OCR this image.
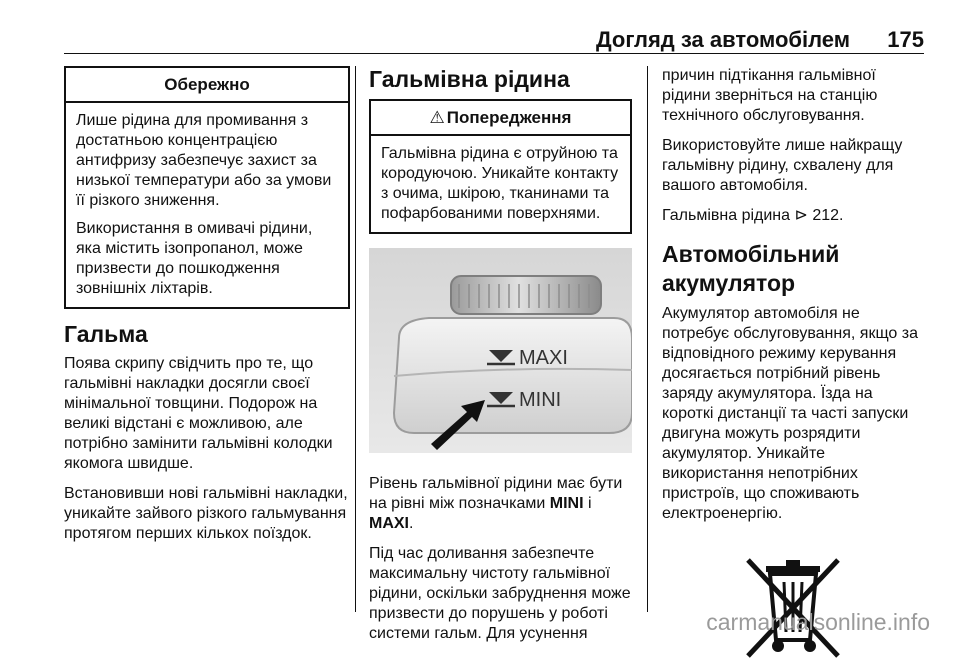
Догляд за автомобілем 175
Обережно

Лише рідина для промивання з достатньою концентрацією антифризу забезпечує захист за низької температури або за умови її різкого зниження.

Використання в омивачі рідини, яка містить ізопропанол, може призвести до пошкодження зовнішніх ліхтарів.

Гальма

Поява скрипу свідчить про те, що гальмівні накладки досягли своєї мінімальної товщини. Подорож на великі відстані є можливою, але потрібно замінити гальмівні колодки якомога швидше.

Встановивши нові гальмівні накладки, уникайте зайвого різкого гальмування протягом перших кількох поїздок.

Гальмівна рідина
⚠ Попередження

Гальмівна рідина є отруйною та кородуючою. Уникайте контакту з очима, шкірою, тканинами та пофарбованими поверхнями.

MAXI
MINI

Рівень гальмівної рідини має бути на рівні між позначками MINI і MAXI.

Під час доливання забезпечте максимальну чистоту гальмівної рідини, оскільки забруднення може призвести до порушень у роботі системи гальм. Для усунення

причин підтікання гальмівної рідини зверніться на станцію технічного обслуговування.

Використовуйте лише найкращу гальмівну рідину, схвалену для вашого автомобіля.

Гальмівна рідина ⊳ 212.

Автомобільний акумулятор

Акумулятор автомобіля не потребує обслуговування, якщо за відповідного режиму керування досягається потрібний рівень заряду акумулятора. Їзда на короткі дистанції та часті запуски двигуна можуть розрядити акумулятор. Уникайте використання непотрібних пристроїв, що споживають електроенергію.

carmanualsonline.info
